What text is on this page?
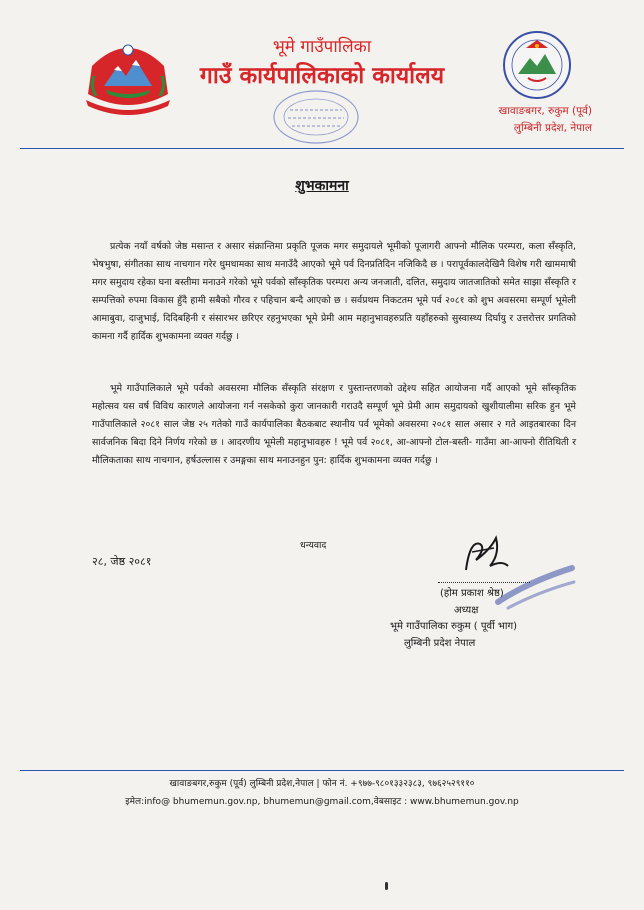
भूमे गाउँपालिका
गाउँ कार्यपालिकाको कार्यालय
खावाङबगर, रुकुम (पूर्व)
लुम्बिनी प्रदेश, नेपाल
शुभकामना

प्रत्येक नयाँ वर्षको जेष्ठ मसान्त र असार संक्रान्तिमा प्रकृति पूजक मगर समुदायले भूमीको पूजागरी आफ्नो मौलिक परम्परा, कला सँस्कृति, भेषभुषा, संगीतका साथ नाचगान गरेर धुमधामका साथ मनाउँदै आएको भूमे पर्व दिनप्रतिदिन नजिकिदै छ । परापूर्वकालदेखिनै विशेष गरी खाममाषी मगर समुदाय रहेका घना बस्तीमा मनाउने गरेको भूमे पर्वको साँस्कृतिक परम्परा अन्य जनजाती, दलित, समुदाय जातजातिको समेत साझा सँस्कृति र सम्पत्तिको रुपमा विकास हुँदै हामी सबैको गौरव र पहिचान बन्दै आएको छ । सर्वप्रथम निकटतम भूमे पर्व २०८१ को शुभ अवसरमा सम्पूर्ण भूमेली आमाबुवा, दाजुभाई, दिदिबहिनी र संसारभर छरिएर रहनुभएका भूमे प्रेमी आम महानुभावहरुप्रति यहाँहरुको सुस्वास्थ्य दिर्घायु र उत्तरोत्तर प्रगतिको कामना गर्दै हार्दिक शुभकामना व्यक्त गर्दछु ।

भूमे गाउँपालिकाले भूमे पर्वको अवसरमा मौलिक सँस्कृति संरक्षण र पुस्तान्तरणको उद्देश्य सहित आयोजना गर्दै आएको भूमे साँस्कृतिक महोत्सव यस वर्ष विविध कारणले आयोजना गर्न नसकेको कुरा जानकारी गराउदै सम्पूर्ण भूमे प्रेमी आम समुदायको खुशीयालीमा सरिक हुन भूमे गाउँपालिकाले २०८१ साल जेष्ठ २५ गतेको गाउँ कार्यपालिका बैठकबाट स्थानीय पर्व भूमेको अवसरमा २०८१ साल असार २ गते आइतबारका दिन सार्वजनिक बिदा दिने निर्णय गरेको छ । आदरणीय भूमेली महानुभावहरु ! भूमे पर्व २०८१, आ-आफ्नो टोल-बस्ती- गाउँमा आ-आफ्नो रीतिथिती र मौलिकताका साथ नाचगान, हर्षउल्लास र उमङ्गका साथ मनाउनहुन पुन: हार्दिक शुभकामना व्यक्त गर्दछु ।

धन्यवाद
२८, जेष्ठ २०८१
(होम प्रकाश श्रेष्ठ)
अध्यक्ष
भूमे गाउँपालिका रुकुम ( पूर्वी भाग)
लुम्बिनी प्रदेश नेपाल
खावाङबगर,रुकुम (पूर्व) लुम्बिनी प्रदेश,नेपाल | फोन नं. +९७७-९८०१३३२३८३, ९७६२५२९११०
इमेल:info@ bhumemun.gov.np, bhumemun@gmail.com,वेबसाइट : www.bhumemun.gov.np
